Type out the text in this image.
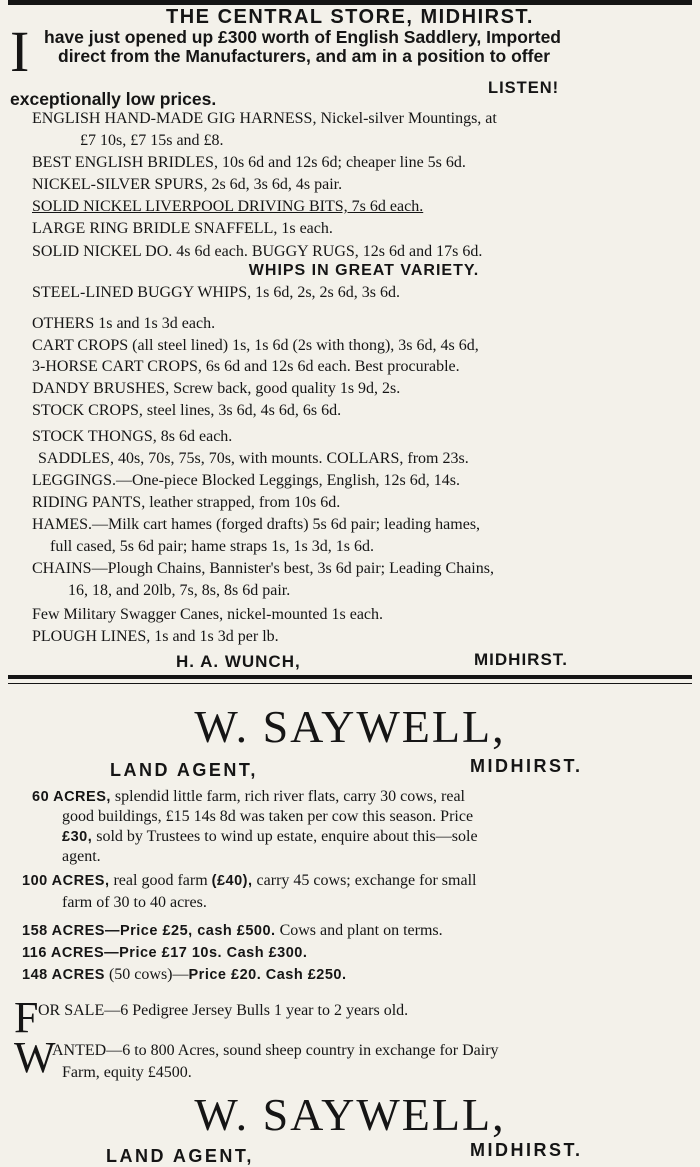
THE CENTRAL STORE, MIDHIRST.
I have just opened up £300 worth of English Saddlery, Imported
direct from the Manufacturers, and am in a position to offer
LISTEN!
exceptionally low prices.
ENGLISH HAND-MADE GIG HARNESS, Nickel-silver Mountings, at
£7 10s, £7 15s and £8.
BEST ENGLISH BRIDLES, 10s 6d and 12s 6d; cheaper line 5s 6d.
NICKEL-SILVER SPURS, 2s 6d, 3s 6d, 4s pair.
SOLID NICKEL LIVERPOOL DRIVING BITS, 7s 6d each.
LARGE RING BRIDLE SNAFFELL, 1s each.
SOLID NICKEL DO. 4s 6d each. BUGGY RUGS, 12s 6d and 17s 6d.
WHIPS IN GREAT VARIETY.
STEEL-LINED BUGGY WHIPS, 1s 6d, 2s, 2s 6d, 3s 6d.
OTHERS 1s and 1s 3d each.
CART CROPS (all steel lined) 1s, 1s 6d (2s with thong), 3s 6d, 4s 6d,
3-HORSE CART CROPS, 6s 6d and 12s 6d each. Best procurable.
DANDY BRUSHES, Screw back, good quality 1s 9d, 2s.
STOCK CROPS, steel lines, 3s 6d, 4s 6d, 6s 6d.
STOCK THONGS, 8s 6d each.
SADDLES, 40s, 70s, 75s, 70s, with mounts. COLLARS, from 23s.
LEGGINGS.—One-piece Blocked Leggings, English, 12s 6d, 14s.
RIDING PANTS, leather strapped, from 10s 6d.
HAMES.—Milk cart hames (forged drafts) 5s 6d pair; leading hames,
full cased, 5s 6d pair; hame straps 1s, 1s 3d, 1s 6d.
CHAINS—Plough Chains, Bannister's best, 3s 6d pair; Leading Chains,
16, 18, and 20lb, 7s, 8s, 8s 6d pair.
Few Military Swagger Canes, nickel-mounted 1s each.
PLOUGH LINES, 1s and 1s 3d per lb.
H. A. WUNCH,	MIDHIRST.
W. SAYWELL,
LAND AGENT,	MIDHIRST.
60 ACRES, splendid little farm, rich river flats, carry 30 cows, real
good buildings, £15 14s 8d was taken per cow this season. Price
£30, sold by Trustees to wind up estate, enquire about this—sole
agent.
100 ACRES, real good farm (£40), carry 45 cows; exchange for small
farm of 30 to 40 acres.
158 ACRES—Price £25, cash £500. Cows and plant on terms.
116 ACRES—Price £17 10s. Cash £300.
148 ACRES (50 cows)—Price £20. Cash £250.
F OR SALE—6 Pedigree Jersey Bulls 1 year to 2 years old.
W
ANTED—6 to 800 Acres, sound sheep country in exchange for Dairy
Farm, equity £4500.
W. SAYWELL,
LAND AGENT,	MIDHIRST.
